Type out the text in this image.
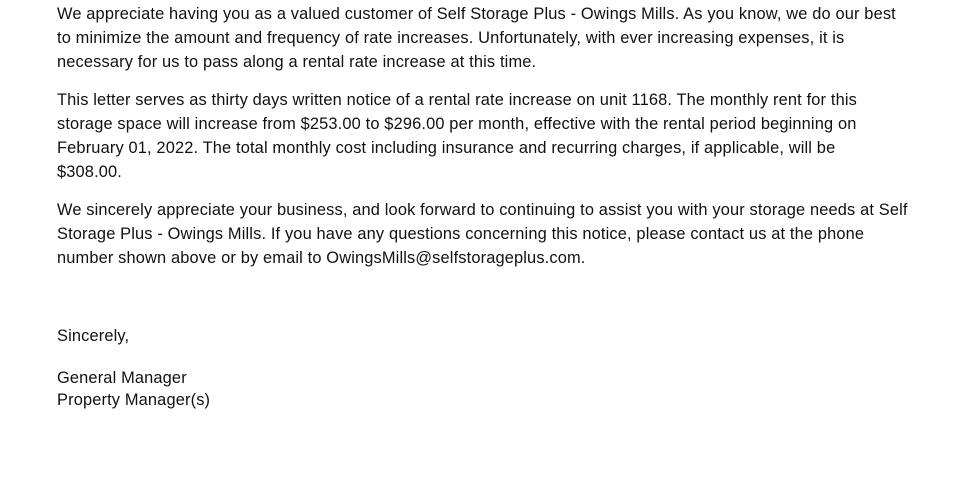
We appreciate having you as a valued customer of Self Storage Plus - Owings Mills. As you know, we do our best
to minimize the amount and frequency of rate increases. Unfortunately, with ever increasing expenses, it is
necessary for us to pass along a rental rate increase at this time.

This letter serves as thirty days written notice of a rental rate increase on unit 1168. The monthly rent for this
storage space will increase from $253.00 to $296.00 per month, effective with the rental period beginning on
February 01, 2022. The total monthly cost including insurance and recurring charges, if applicable, will be
$308.00.

We sincerely appreciate your business, and look forward to continuing to assist you with your storage needs at Self
Storage Plus - Owings Mills. If you have any questions concerning this notice, please contact us at the phone
number shown above or by email to OwingsMills@selfstorageplus.com.

Sincerely,
General Manager
Property Manager(s)
